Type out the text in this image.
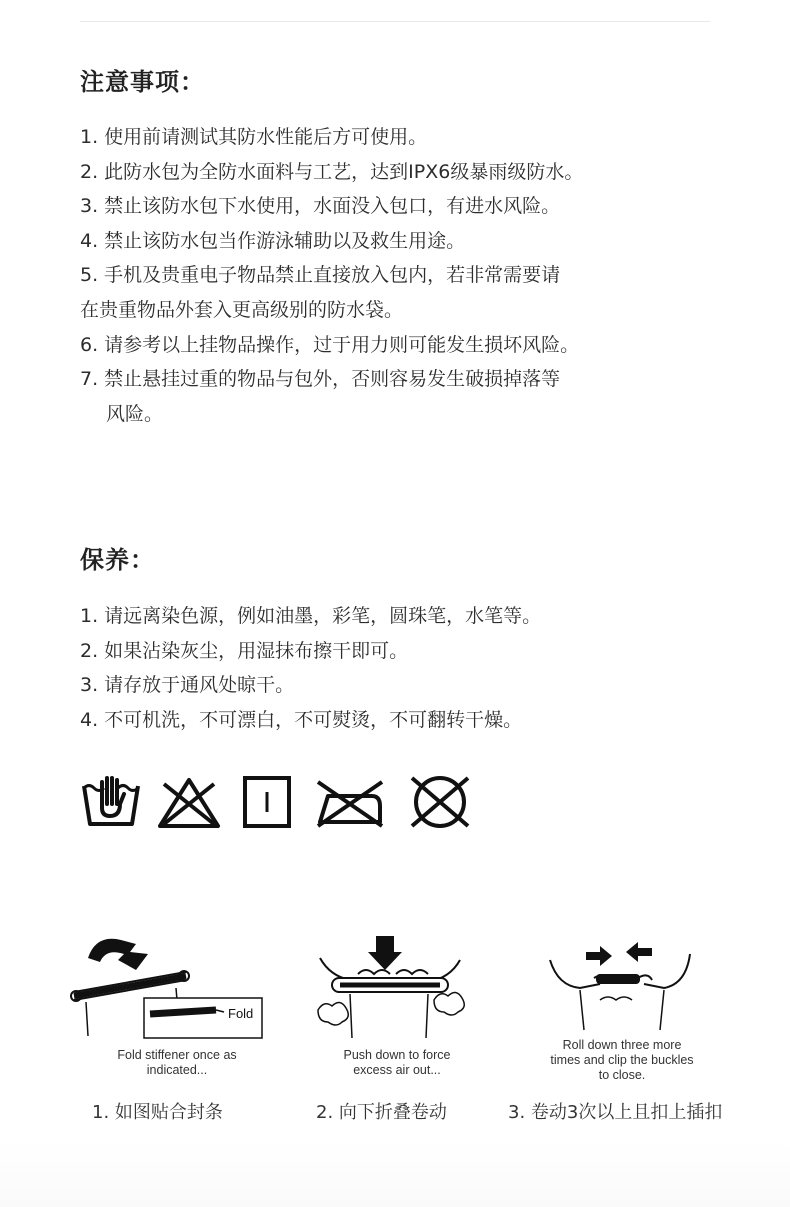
注意事项：
1. 使用前请测试其防水性能后方可使用。
2. 此防水包为全防水面料与工艺，达到IPX6级暴雨级防水。
3. 禁止该防水包下水使用，水面没入包口，有进水风险。
4. 禁止该防水包当作游泳辅助以及救生用途。
5. 手机及贵重电子物品禁止直接放入包内，若非常需要请
在贵重物品外套入更高级别的防水袋。
6. 请参考以上挂物品操作，过于用力则可能发生损坏风险。
7. 禁止悬挂过重的物品与包外，否则容易发生破损掉落等
风险。
保养：
1. 请远离染色源，例如油墨，彩笔，圆珠笔，水笔等。
2. 如果沾染灰尘，用湿抹布擦干即可。
3. 请存放于通风处晾干。
4. 不可机洗，不可漂白，不可熨烫，不可翻转干燥。
Fold
Fold stiffener once as
indicated...
1. 如图贴合封条
Push down to force
excess air out...
2. 向下折叠卷动
Roll down three more
times and clip the buckles
to close.
3. 卷动3次以上且扣上插扣
